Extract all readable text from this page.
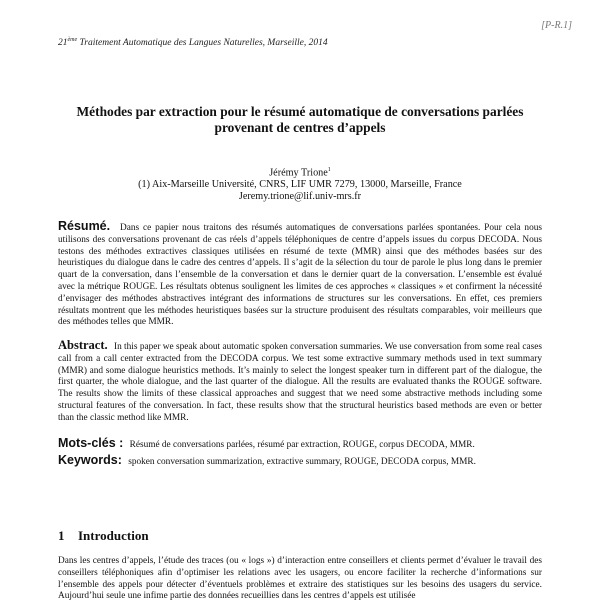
[P-R.1]
21ème Traitement Automatique des Langues Naturelles, Marseille, 2014
Méthodes par extraction pour le résumé automatique de conversations parlées
provenant de centres d’appels
Jérémy Trione$^1$
(1) Aix-Marseille Université, CNRS, LIF UMR 7279, 13000, Marseille, France
Jeremy.trione@lif.univ-mrs.fr
Résumé. Dans ce papier nous traitons des résumés automatiques de conversations parlées spontanées. Pour cela nous utilisons des conversations provenant de cas réels d’appels téléphoniques de centre d’appels issues du corpus DECODA. Nous testons des méthodes extractives classiques utilisées en résumé de texte (MMR) ainsi que des méthodes basées sur des heuristiques du dialogue dans le cadre des centres d’appels. Il s’agit de la sélection du tour de parole le plus long dans le premier quart de la conversation, dans l’ensemble de la conversation et dans le dernier quart de la conversation. L’ensemble est évalué avec la métrique ROUGE. Les résultats obtenus soulignent les limites de ces approches « classiques » et confirment la nécessité d’envisager des méthodes abstractives intégrant des informations de structures sur les conversations. En effet, ces premiers résultats montrent que les méthodes heuristiques basées sur la structure produisent des résultats comparables, voir meilleurs que des méthodes telles que MMR.
Abstract. In this paper we speak about automatic spoken conversation summaries. We use conversation from some real cases call from a call center extracted from the DECODA corpus. We test some extractive summary methods used in text summary (MMR) and some dialogue heuristics methods. It’s mainly to select the longest speaker turn in different part of the dialogue, the first quarter, the whole dialogue, and the last quarter of the dialogue. All the results are evaluated thanks the ROUGE software. The results show the limits of these classical approaches and suggest that we need some abstractive methods including some structural features of the conversation. In fact, these results show that the structural heuristics based methods are even or better than the classic method like MMR.
Mots-clés : Résumé de conversations parlées, résumé par extraction, ROUGE, corpus DECODA, MMR.
Keywords: spoken conversation summarization, extractive summary, ROUGE, DECODA corpus, MMR.
1 Introduction
Dans les centres d’appels, l’étude des traces (ou « logs ») d’interaction entre conseillers et clients permet d’évaluer le travail des conseillers téléphoniques afin d’optimiser les relations avec les usagers, ou encore faciliter la recherche d’informations sur l’ensemble des appels pour détecter d’éventuels problèmes et extraire des statistiques sur les besoins des usagers du service. Aujourd’hui seule une infime partie des données recueillies dans les centres d’appels est utilisée
